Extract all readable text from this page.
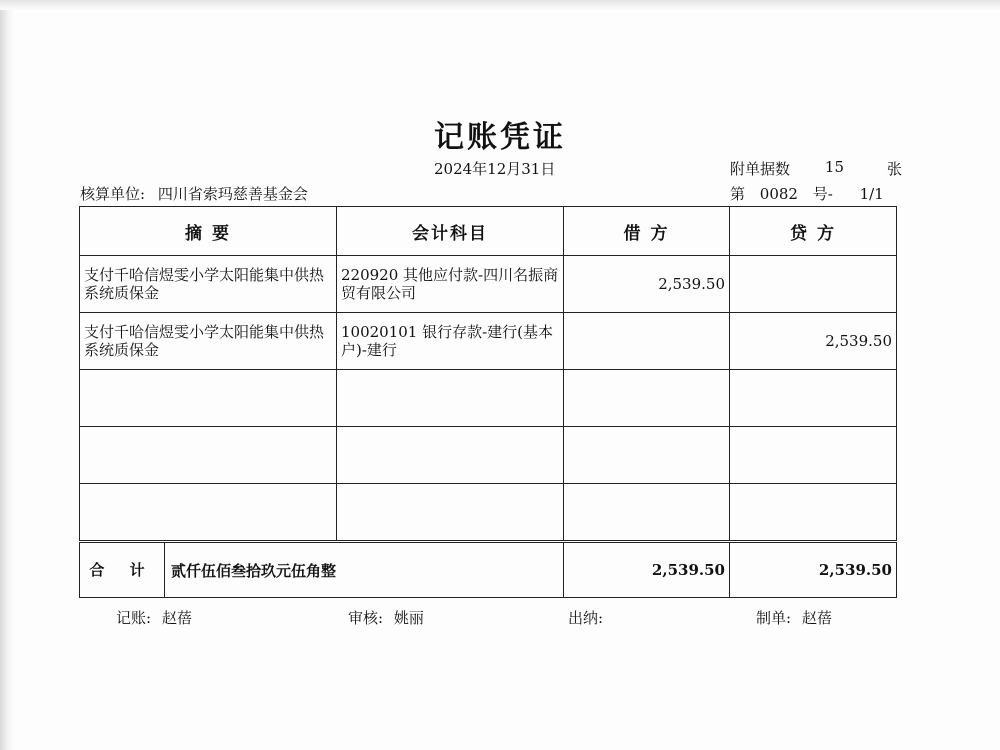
记账凭证
2024年12月31日	附单据数	15	张
核算单位: 四川省索玛慈善基金会	第 0082 号- 1/1
摘 要	会计科目	借 方	贷 方
支付千哈信煜雯小学太阳能集中供热系统质保金	220920 其他应付款-四川名振商贸有限公司	2,539.50	
支付千哈信煜雯小学太阳能集中供热系统质保金	10020101 银行存款-建行(基本户)-建行		2,539.50

合 计 贰仟伍佰叁拾玖元伍角整		2,539.50	2,539.50
记账: 赵蓓	审核: 姚丽	出纳:	制单: 赵蓓
